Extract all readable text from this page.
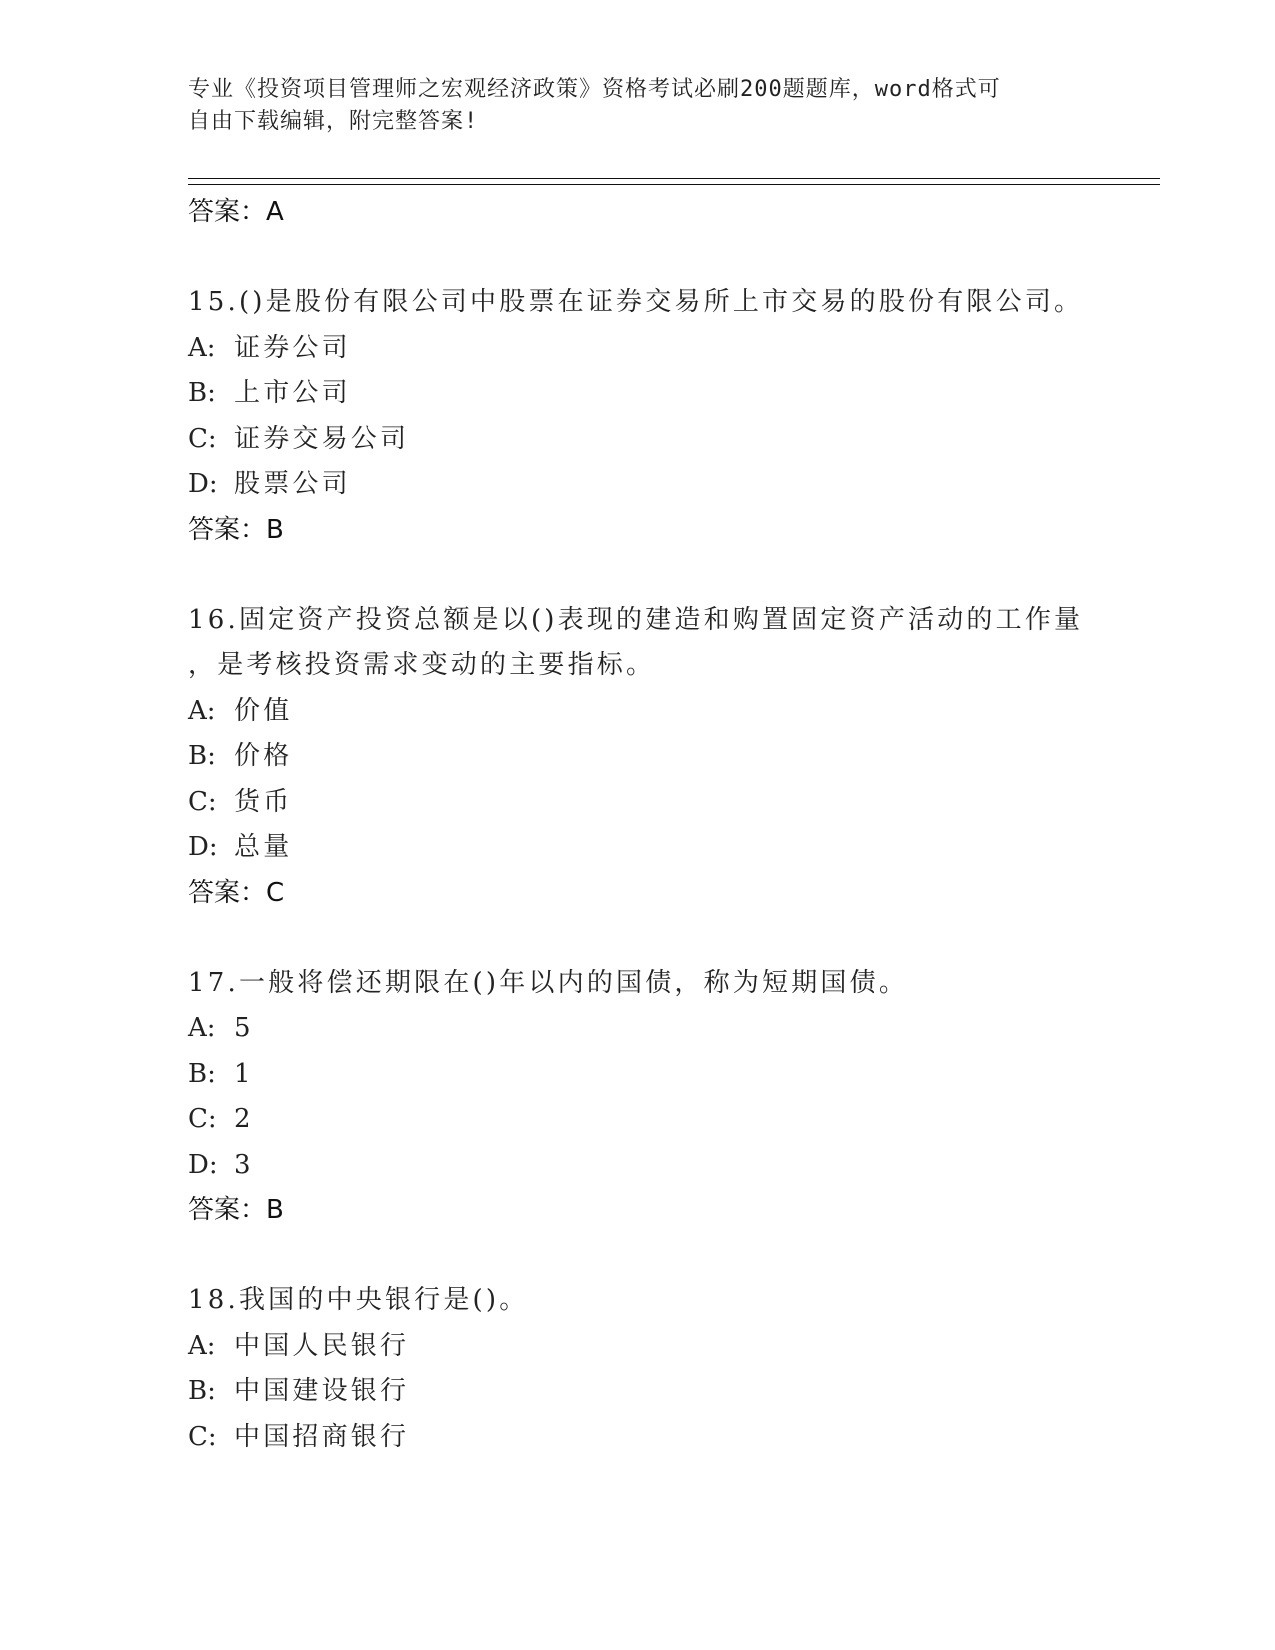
专业《投资项目管理师之宏观经济政策》资格考试必刷200题题库，word格式可
自由下载编辑，附完整答案!
答案：A
15.()是股份有限公司中股票在证券交易所上市交易的股份有限公司。
A: 证券公司
B: 上市公司
C: 证券交易公司
D: 股票公司
答案：B
16.固定资产投资总额是以()表现的建造和购置固定资产活动的工作量
，是考核投资需求变动的主要指标。
A: 价值
B: 价格
C: 货币
D: 总量
答案：C
17.一般将偿还期限在()年以内的国债，称为短期国债。
A: 5
B: 1
C: 2
D: 3
答案：B
18.我国的中央银行是()。
A: 中国人民银行
B: 中国建设银行
C: 中国招商银行
